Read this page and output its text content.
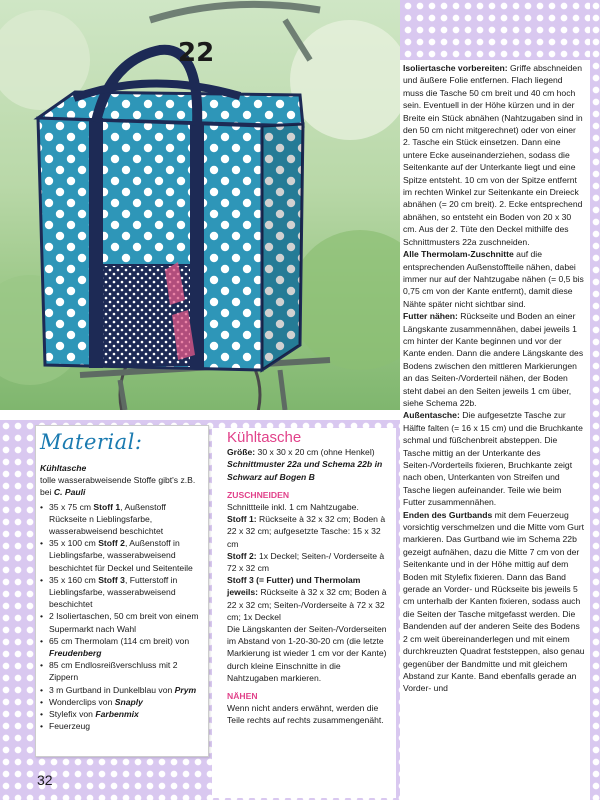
22	Isoliertasche vorbereiten: Griffe abschneiden und äußere Folie entfernen. Flach liegend muss die Tasche 50 cm breit und 40 cm hoch sein. Eventuell in der Höhe kürzen und in der Breite ein Stück abnähen (Nahtzugaben sind in den 50 cm nicht mitgerechnet) oder von einer 2. Tasche ein Stück einsetzen. Dann eine untere Ecke auseinanderziehen, sodass die Seitenkante auf der Unterkante liegt und eine Spitze entsteht. 10 cm von der Spitze entfernt im rechten Winkel zur Seitenkante ein Dreieck abnähen (= 20 cm breit). 2. Ecke entsprechend abnähen, so entsteht ein Boden von 20 x 30 cm. Aus der 2. Tüte den Deckel mithilfe des Schnittmusters 22a zuschneiden.

Alle Thermolam-Zuschnitte auf die entsprechenden Außenstoffteile nähen, dabei immer nur auf der Nahtzugabe nähen (= 0,5 bis 0,75 cm von der Kante entfernt), damit diese Nähte später nicht sichtbar sind.

Futter nähen: Rückseite und Boden an einer Längskante zusammennähen, dabei jeweils 1 cm hinter der Kante beginnen und vor der Kante enden. Dann die andere Längskante des Bodens zwischen den mittleren Markierungen an das Seiten-/Vorderteil nähen, der Boden steht dabei an den Seiten jeweils 1 cm über, siehe Schema 22b.

Außentasche: Die aufgesetzte Tasche zur Hälfte falten (= 16 x 15 cm) und die Bruchkante schmal und füßchenbreit absteppen. Die Tasche mittig an der Unterkante des Seiten-/Vorderteils fixieren, Bruchkante zeigt nach oben, Unterkanten von Streifen und Tasche liegen aufeinander. Teile wie beim Futter zusammennähen.

Enden des Gurtbands mit dem Feuerzeug vorsichtig verschmelzen und die Mitte vom Gurt markieren. Das Gurtband wie im Schema 22b gezeigt aufnähen, dazu die Mitte 7 cm von der Seitenkante und in der Höhe mittig auf dem Boden mit Stylefix fixieren. Dann das Band gerade an Vorder- und Rückseite bis jeweils 5 cm unterhalb der Kanten fixieren, sodass auch die Seiten der Tasche mitgefasst werden. Die Bandenden auf der anderen Seite des Bodens 2 cm weit übereinanderlegen und mit einem durchkreuzten Quadrat feststeppen, also genau gegenüber der Bandmitte und mit gleichem Abstand zur Kante. Band ebenfalls gerade an Vorder- und

Material:
Kühltasche
tolle wasserabweisende Stoffe gibt's z.B. bei C. Pauli
• 35 x 75 cm Stoff 1, Außenstoff Rückseite n Lieblingsfarbe, wasserabweisend beschichtet
• 35 x 100 cm Stoff 2, Außenstoff in Lieblingsfarbe, wasserabweisend beschichtet für Deckel und Seitenteile
• 35 x 160 cm Stoff 3, Futterstoff in Lieblingsfarbe, wasserabweisend beschichtet
• 2 Isoliertaschen, 50 cm breit von einem Supermarkt nach Wahl
• 65 cm Thermolam (114 cm breit) von Freudenberg
• 85 cm Endlosreißverschluss mit 2 Zippern
• 3 m Gurtband in Dunkelblau von Prym
• Wonderclips von Snaply
• Stylefix von Farbenmix
• Feuerzeug
Kühltasche
Größe: 30 x 30 x 20 cm (ohne Henkel)
Schnittmuster 22a und Schema 22b in Schwarz auf Bogen B
ZUSCHNEIDEN
Schnittteile inkl. 1 cm Nahtzugabe.
Stoff 1: Rückseite à 32 x 32 cm; Boden à 22 x 32 cm; aufgesetzte Tasche: 15 x 32 cm
Stoff 2: 1x Deckel; Seiten-/ Vorderseite à 72 x 32 cm
Stoff 3 (= Futter) und Thermolam jeweils: Rückseite à 32 x 32 cm; Boden à 22 x 32 cm; Seiten-/Vorderseite à 72 x 32 cm; 1x Deckel
Die Längskanten der Seiten-/Vorderseiten im Abstand von 1-20-30-20 cm (die letzte Markierung ist wieder 1 cm vor der Kante) durch kleine Einschnitte in die Nahtzugaben markieren.
NÄHEN
Wenn nicht anders erwähnt, werden die Teile rechts auf rechts zusammengenäht.
32	PassionForum.ru
